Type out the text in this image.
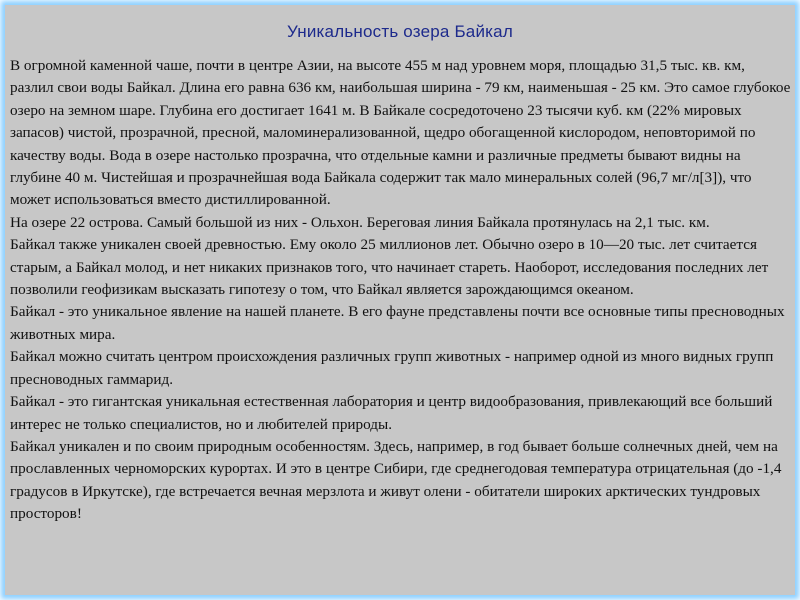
Уникальность озера Байкал

В огромной каменной чаше, почти в центре Азии, на высоте 455 м над уровнем моря, площадью 31,5 тыс. кв. км, разлил свои воды Байкал. Длина его равна 636 км, наибольшая ширина - 79 км, наименьшая - 25 км. Это самое глубокое озеро на земном шаре. Глубина его достигает 1641 м. В Байкале сосредоточено 23 тысячи куб. км (22% мировых запасов) чистой, прозрачной, пресной, маломинерализованной, щедро обогащенной кислородом, неповторимой по качеству воды. Вода в озере настолько прозрачна, что отдельные камни и различные предметы бывают видны на глубине 40 м. Чистейшая и прозрачнейшая вода Байкала содержит так мало минеральных солей (96,7 мг/л[3]), что может использоваться вместо дистиллированной.

На озере 22 острова. Самый большой из них - Ольхон. Береговая линия Байкала протянулась на 2,1 тыс. км.

Байкал также уникален своей древностью. Ему около 25 миллионов лет. Обычно озеро в 10—20 тыс. лет считается старым, а Байкал молод, и нет никаких признаков того, что начинает стареть. Наоборот, исследования последних лет позволили геофизикам высказать гипотезу о том, что Байкал является зарождающимся океаном.

Байкал - это уникальное явление на нашей планете. В его фауне представлены почти все основные типы пресноводных животных мира.

Байкал можно считать центром происхождения различных групп животных - например одной из много видных групп пресноводных гаммарид.

Байкал - это гигантская уникальная естественная лаборатория и центр видообразования, привлекающий все больший интерес не только специалистов, но и любителей природы.

Байкал уникален и по своим природным особенностям. Здесь, например, в год бывает больше солнечных дней, чем на прославленных черноморских курортах. И это в центре Сибири, где среднегодовая температура отрицательная (до -1,4 градусов в Иркутске), где встречается вечная мерзлота и живут олени - обитатели широких арктических тундровых просторов!
